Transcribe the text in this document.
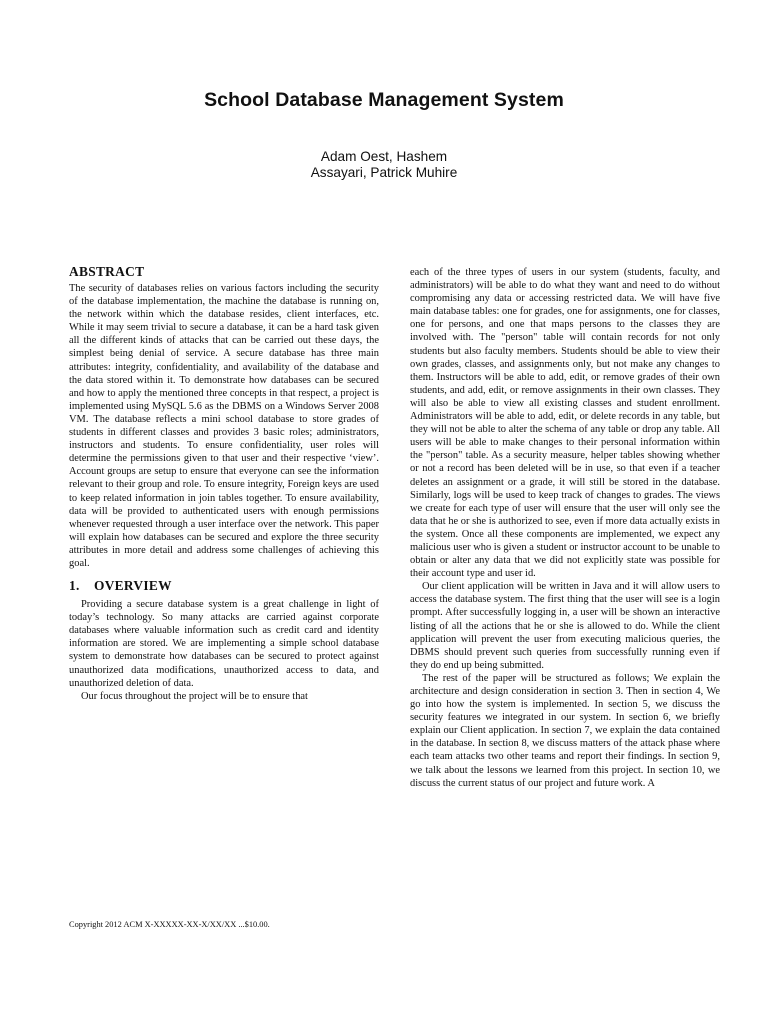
School Database Management System
Adam Oest, Hashem
Assayari, Patrick Muhire
ABSTRACT

The security of databases relies on various factors including the security of the database implementation, the machine the database is running on, the network within which the database resides, client interfaces, etc. While it may seem trivial to secure a database, it can be a hard task given all the different kinds of attacks that can be carried out these days, the simplest being denial of service. A secure database has three main attributes: integrity, confidentiality, and availability of the database and the data stored within it. To demonstrate how databases can be secured and how to apply the mentioned three concepts in that respect, a project is implemented using MySQL 5.6 as the DBMS on a Windows Server 2008 VM. The database reflects a mini school database to store grades of students in different classes and provides 3 basic roles; administrators, instructors and students. To ensure confidentiality, user roles will determine the permissions given to that user and their respective ‘view’. Account groups are setup to ensure that everyone can see the information relevant to their group and role. To ensure integrity, Foreign keys are used to keep related information in join tables together. To ensure availability, data will be provided to authenticated users with enough permissions whenever requested through a user interface over the network. This paper will explain how databases can be secured and explore the three security attributes in more detail and address some challenges of achieving this goal.

1. OVERVIEW

Providing a secure database system is a great challenge in light of today’s technology. So many attacks are carried against corporate databases where valuable information such as credit card and identity information are stored. We are implementing a simple school database system to demonstrate how databases can be secured to protect against unauthorized data modifications, unauthorized access to data, and unauthorized deletion of data.

Our focus throughout the project will be to ensure that

each of the three types of users in our system (students, faculty, and administrators) will be able to do what they want and need to do without compromising any data or accessing restricted data. We will have five main database tables: one for grades, one for assignments, one for classes, one for persons, and one that maps persons to the classes they are involved with. The "person" table will contain records for not only students but also faculty members. Students should be able to view their own grades, classes, and assignments only, but not make any changes to them. Instructors will be able to add, edit, or remove grades of their own students, and add, edit, or remove assignments in their own classes. They will also be able to view all existing classes and student enrollment. Administrators will be able to add, edit, or delete records in any table, but they will not be able to alter the schema of any table or drop any table. All users will be able to make changes to their personal information within the "person" table. As a security measure, helper tables showing whether or not a record has been deleted will be in use, so that even if a teacher deletes an assignment or a grade, it will still be stored in the database. Similarly, logs will be used to keep track of changes to grades. The views we create for each type of user will ensure that the user will only see the data that he or she is authorized to see, even if more data actually exists in the system. Once all these components are implemented, we expect any malicious user who is given a student or instructor account to be unable to obtain or alter any data that we did not explicitly state was possible for their account type and user id.

Our client application will be written in Java and it will allow users to access the database system. The first thing that the user will see is a login prompt. After successfully logging in, a user will be shown an interactive listing of all the actions that he or she is allowed to do. While the client application will prevent the user from executing malicious queries, the DBMS should prevent such queries from successfully running even if they do end up being submitted.

The rest of the paper will be structured as follows; We explain the architecture and design consideration in section 3. Then in section 4, We go into how the system is implemented. In section 5, we discuss the security features we integrated in our system. In section 6, we briefly explain our Client application. In section 7, we explain the data contained in the database. In section 8, we discuss matters of the attack phase where each team attacks two other teams and report their findings. In section 9, we talk about the lessons we learned from this project. In section 10, we discuss the current status of our project and future work. A

Copyright 2012 ACM X-XXXXX-XX-X/XX/XX ...$10.00.
